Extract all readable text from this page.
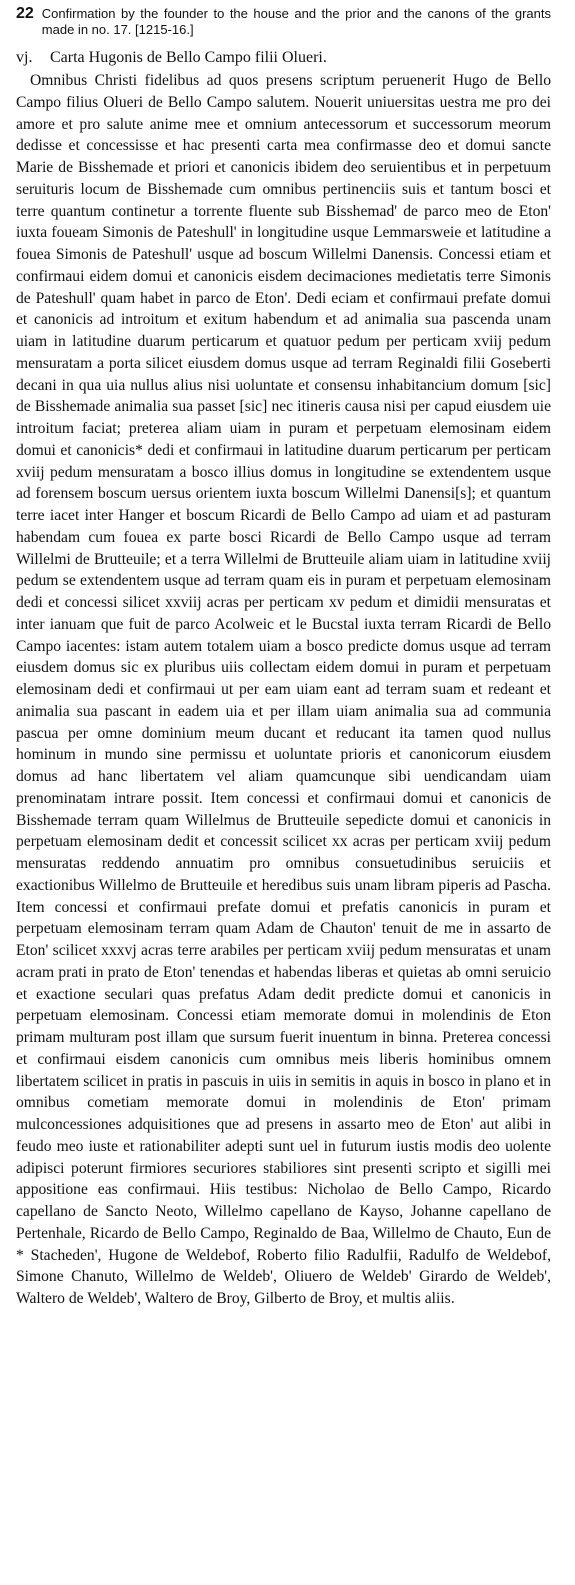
22 Confirmation by the founder to the house and the prior and the canons of the grants made in no. 17. [1215-16.]
vj. Carta Hugonis de Bello Campo filii Olueri.
Omnibus Christi fidelibus ad quos presens scriptum peruenerit Hugo de Bello Campo filius Olueri de Bello Campo salutem. Nouerit uniuersitas uestra me pro dei amore et pro salute anime mee et omnium antecessorum et successorum meorum dedisse et concessisse et hac presenti carta mea confirmasse deo et domui sancte Marie de Bisshemade et priori et canonicis ibidem deo seruientibus et in perpetuum seruituris locum de Bisshemade cum omnibus pertinenciis suis et tantum bosci et terre quantum continetur a torrente fluente sub Bisshemad' de parco meo de Eton' iuxta foueam Simonis de Pateshull' in longitudine usque Lemmarsweie et latitudine a fouea Simonis de Pateshull' usque ad boscum Willelmi Danensis. Concessi etiam et confirmaui eidem domui et canonicis eisdem decimaciones medietatis terre Simonis de Pateshull' quam habet in parco de Eton'. Dedi eciam et confirmaui prefate domui et canonicis ad introitum et exitum habendum et ad animalia sua pascenda unam uiam in latitudine duarum perticarum et quatuor pedum per perticam xviij pedum mensuratam a porta silicet eiusdem domus usque ad terram Reginaldi filii Goseberti decani in qua uia nullus alius nisi uoluntate et consensu inhabitancium domum [sic] de Bisshemade animalia sua passet [sic] nec itineris causa nisi per capud eiusdem uie introitum faciat; preterea aliam uiam in puram et perpetuam elemosinam eidem domui et canonicis* dedi et confirmaui in latitudine duarum perticarum per perticam xviij pedum mensuratam a bosco illius domus in longitudine se extendentem usque ad forensem boscum uersus orientem iuxta boscum Willelmi Danensi[s]; et quantum terre iacet inter Hanger et boscum Ricardi de Bello Campo ad uiam et ad pasturam habendam cum fouea ex parte bosci Ricardi de Bello Campo usque ad terram Willelmi de Brutteuile; et a terra Willelmi de Brutteuile aliam uiam in latitudine xviij pedum se extendentem usque ad terram quam eis in puram et perpetuam elemosinam dedi et concessi silicet xxviij acras per perticam xv pedum et dimidii mensuratas et inter ianuam que fuit de parco Acolweic et le Bucstal iuxta terram Ricardi de Bello Campo iacentes: istam autem totalem uiam a bosco predicte domus usque ad terram eiusdem domus sic ex pluribus uiis collectam eidem domui in puram et perpetuam elemosinam dedi et confirmaui ut per eam uiam eant ad terram suam et redeant et animalia sua pascant in eadem uia et per illam uiam animalia sua ad communia pascua per omne dominium meum ducant et reducant ita tamen quod nullus hominum in mundo sine permissu et uoluntate prioris et canonicorum eiusdem domus ad hanc libertatem vel aliam quamcunque sibi uendicandam uiam prenominatam intrare possit. Item concessi et confirmaui domui et canonicis de Bisshemade terram quam Willelmus de Brutteuile sepedicte domui et canonicis in perpetuam elemosinam dedit et concessit scilicet xx acras per perticam xviij pedum mensuratas reddendo annuatim pro omnibus consuetudinibus seruiciis et exactionibus Willelmo de Brutteuile et heredibus suis unam libram piperis ad Pascha. Item concessi et confirmaui prefate domui et prefatis canonicis in puram et perpetuam elemosinam terram quam Adam de Chauton' tenuit de me in assarto de Eton' scilicet xxxvj acras terre arabiles per perticam xviij pedum mensuratas et unam acram prati in prato de Eton' tenendas et habendas liberas et quietas ab omni seruicio et exactione seculari quas prefatus Adam dedit predicte domui et canonicis in perpetuam elemosinam. Concessi etiam memorate domui in molendinis de Eton primam multuram post illam que sursum fuerit inuentum in binna. Preterea concessi et confirmaui eisdem canonicis cum omnibus meis liberis hominibus omnem libertatem scilicet in pratis in pascuis in uiis in semitis in aquis in bosco in plano et in omnibus cometiam memorate domui in molendinis de Eton' primam mulconcessiones adquisitiones que ad presens in assarto meo de Eton' aut alibi in feudo meo iuste et rationabiliter adepti sunt uel in futurum iustis modis deo uolente adipisci poterunt firmiores securiores stabiliores sint presenti scripto et sigilli mei appositione eas confirmaui. Hiis testibus: Nicholao de Bello Campo, Ricardo capellano de Sancto Neoto, Willelmo capellano de Kayso, Johanne capellano de Pertenhale, Ricardo de Bello Campo, Reginaldo de Baa, Willelmo de Chauto, Eun de * Stacheden', Hugone de Weldebof, Roberto filio Radulfii, Radulfo de Weldebof, Simone Chanuto, Willelmo de Weldeb', Oliuero de Weldeb' Girardo de Weldeb', Waltero de Weldeb', Waltero de Broy, Gilberto de Broy, et multis aliis.
